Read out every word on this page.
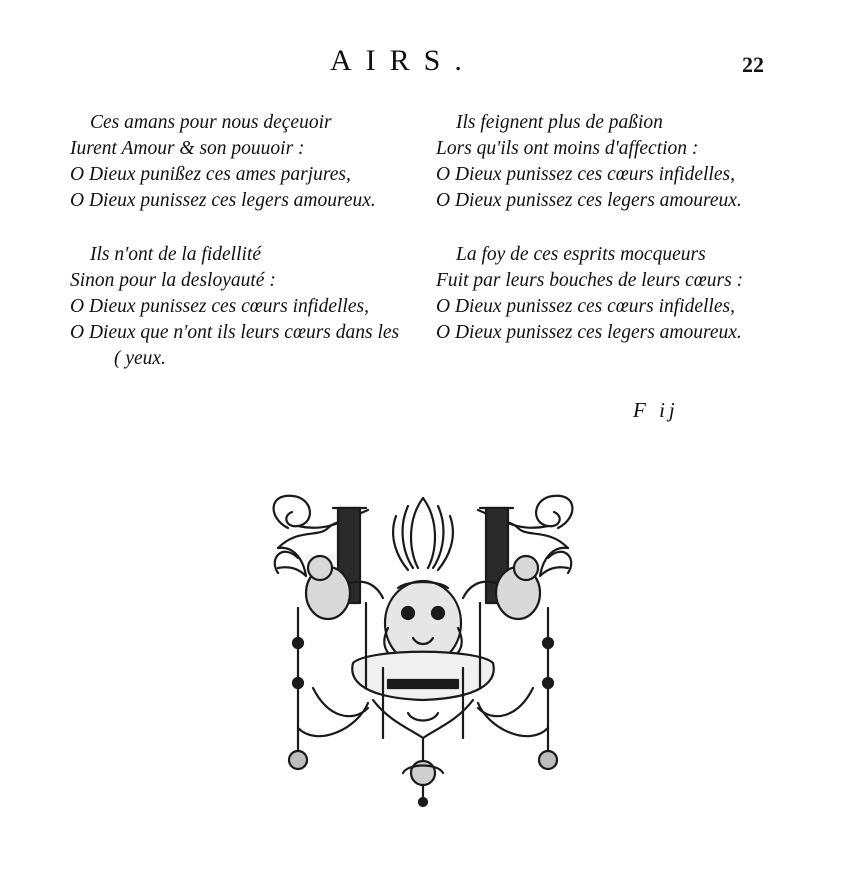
AIRS.	22
Ces amans pour nous deçeuoir
Iurent Amour & son pouuoir :
O Dieux punißez ces ames parjures,
O Dieux punissez ces legers amoureux.
Ils feignent plus de paßion
Lors qu'ils ont moins d'affection :
O Dieux punissez ces cœurs infidelles,
O Dieux punissez ces legers amoureux.
Ils n'ont de la fidellité
Sinon pour la desloyauté :
O Dieux punissez ces cœurs infidelles,
O Dieux que n'ont ils leurs cœurs dans les
( yeux.
La foy de ces esprits mocqueurs
Fuit par leurs bouches de leurs cœurs :
O Dieux punissez ces cœurs infidelles,
O Dieux punissez ces legers amoureux.
F ij
